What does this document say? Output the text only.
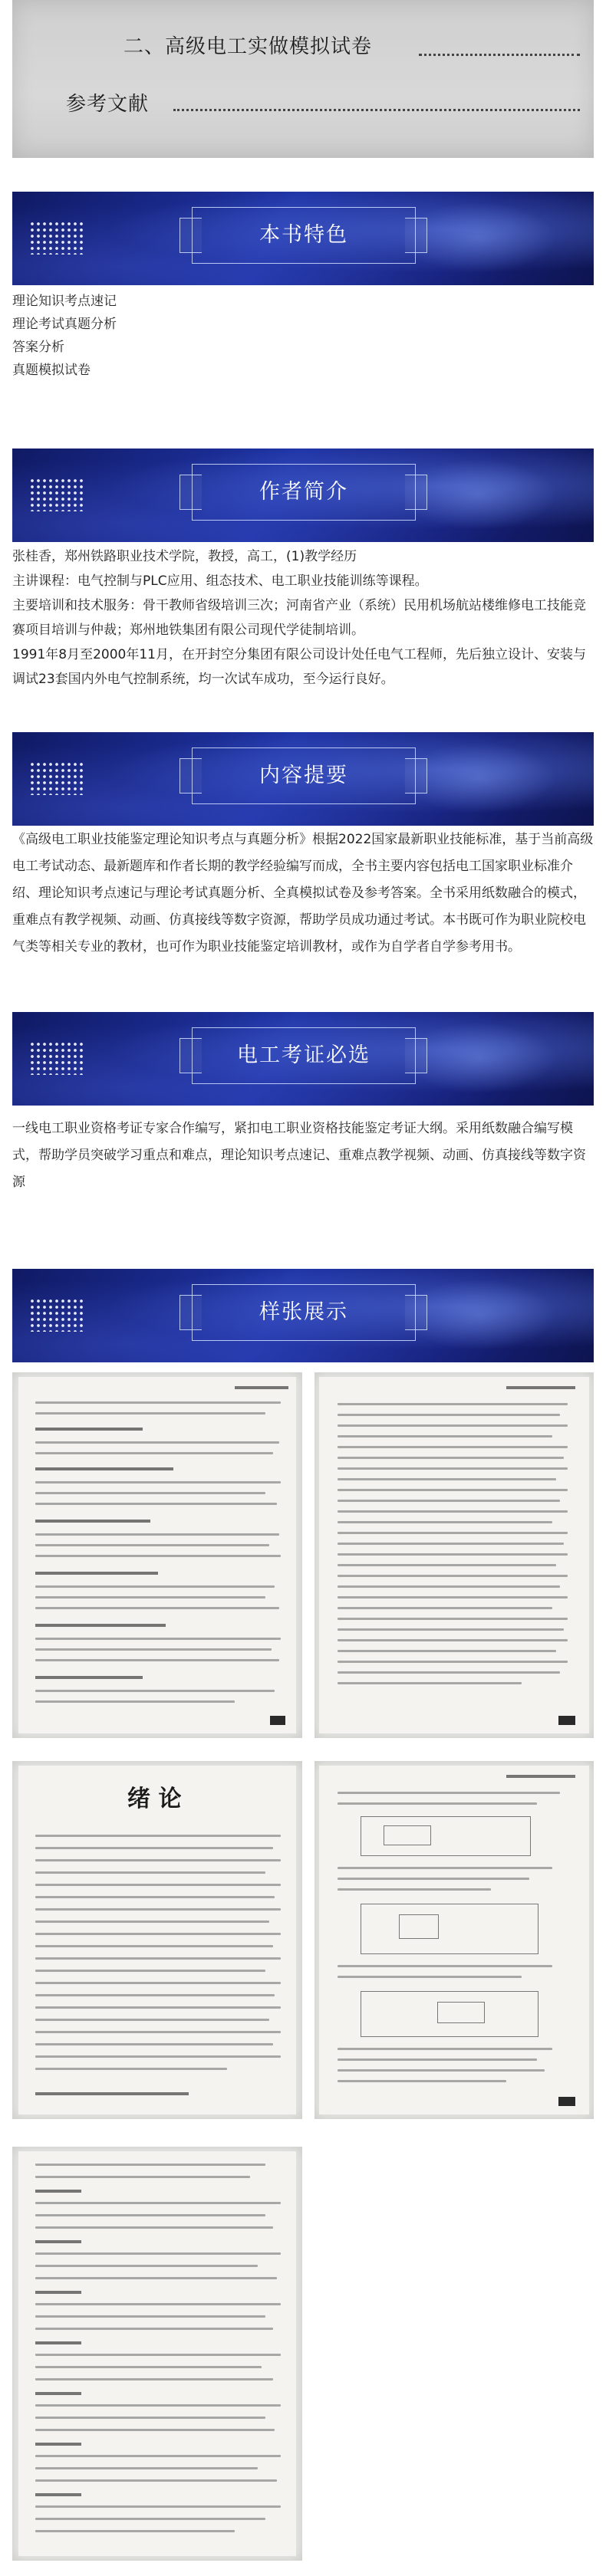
二、高级电工实做模拟试卷
参考文献
本书特色
理论知识考点速记
理论考试真题分析
答案分析
真题模拟试卷
作者简介

张桂香，郑州铁路职业技术学院，教授，高工，(1)教学经历

主讲课程：电气控制与PLC应用、组态技术、电工职业技能训练等课程。

主要培训和技术服务：骨干教师省级培训三次；河南省产业（系统）民用机场航站楼维修电工技能竞赛项目培训与仲裁；郑州地铁集团有限公司现代学徒制培训。

1991年8月至2000年11月，在开封空分集团有限公司设计处任电气工程师，先后独立设计、安装与调试23套国内外电气控制系统，均一次试车成功，至今运行良好。

内容提要

《高级电工职业技能鉴定理论知识考点与真题分析》根据2022国家最新职业技能标准，基于当前高级电工考试动态、最新题库和作者长期的教学经验编写而成，全书主要内容包括电工国家职业标准介绍、理论知识考点速记与理论考试真题分析、全真模拟试卷及参考答案。全书采用纸数融合的模式，重难点有教学视频、动画、仿真接线等数字资源，帮助学员成功通过考试。本书既可作为职业院校电气类等相关专业的教材，也可作为职业技能鉴定培训教材，或作为自学者自学参考用书。

电工考证必选

一线电工职业资格考证专家合作编写，紧扣电工职业资格技能鉴定考证大纲。采用纸数融合编写模式，帮助学员突破学习重点和难点，理论知识考点速记、重难点教学视频、动画、仿真接线等数字资源

样张展示
绪 论
